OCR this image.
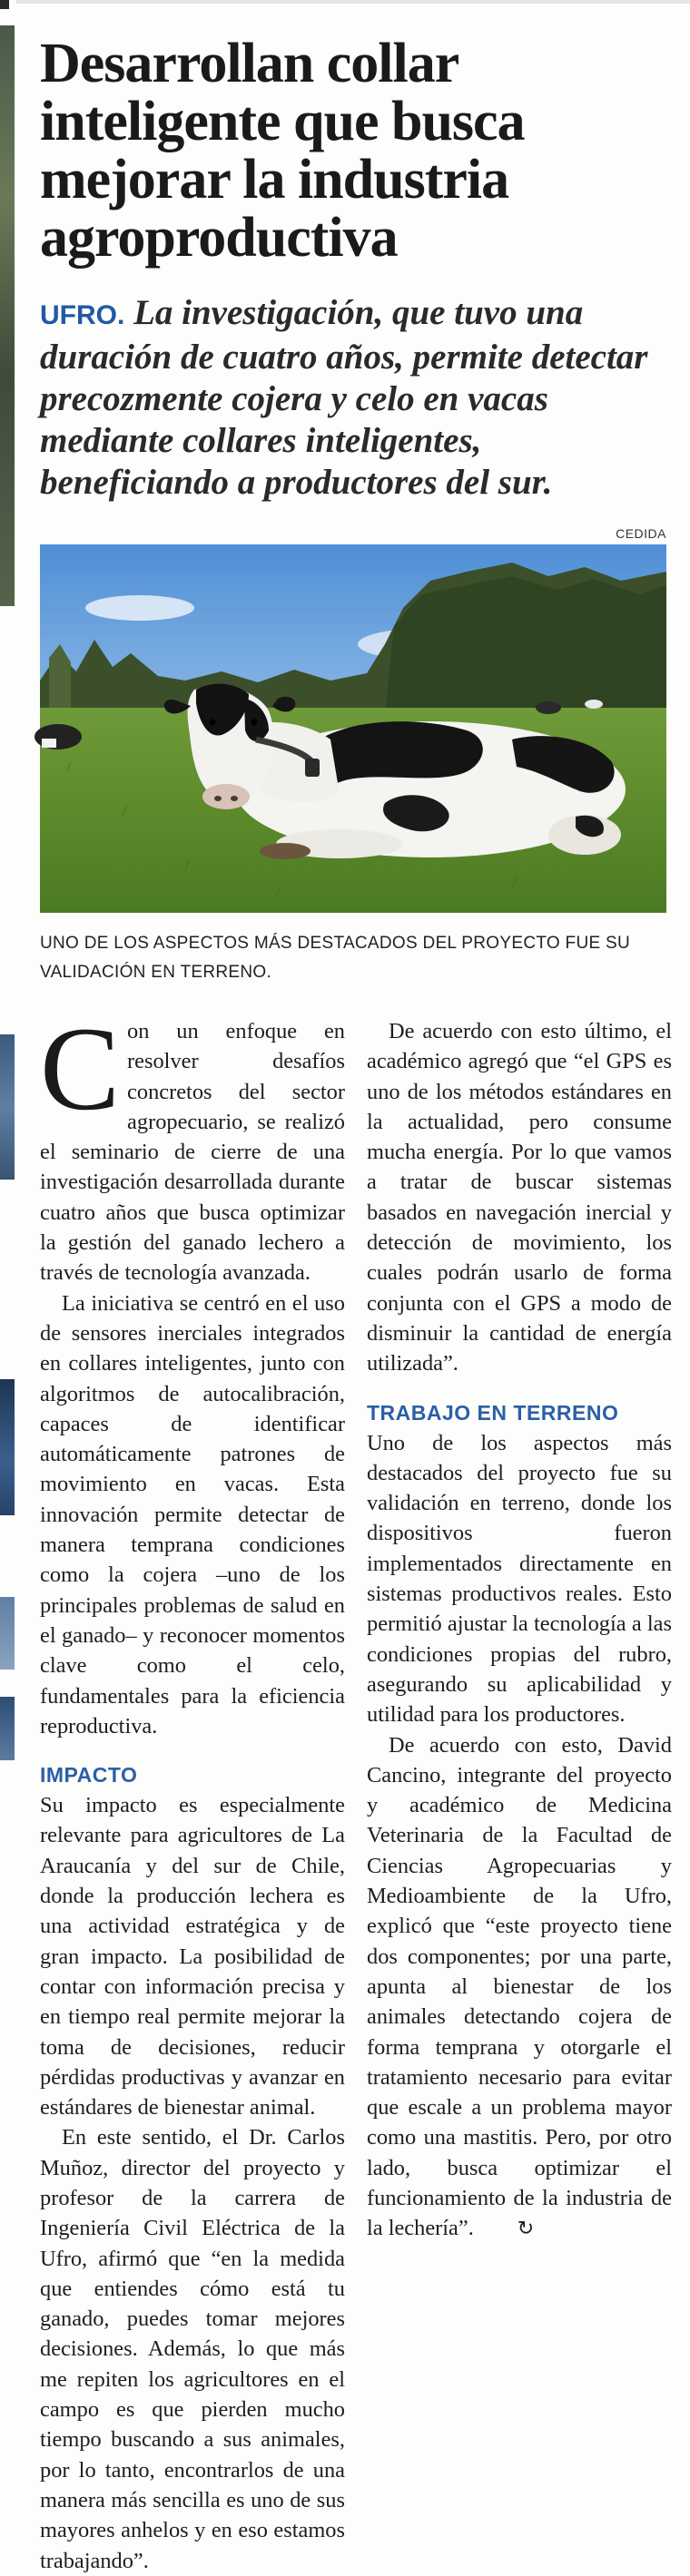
Desarrollan collar inteligente que busca mejorar la industria agroproductiva
UFRO. La investigación, que tuvo una duración de cuatro años, permite detectar precozmente cojera y celo en vacas mediante collares inteligentes, beneficiando a productores del sur.
CEDIDA
UNO DE LOS ASPECTOS MÁS DESTACADOS DEL PROYECTO FUE SU VALIDACIÓN EN TERRENO.

Con un enfoque en resolver desafíos concretos del sector agropecuario, se realizó el seminario de cierre de una investigación desarrollada durante cuatro años que busca optimizar la gestión del ganado lechero a través de tecnología avanzada.

La iniciativa se centró en el uso de sensores inerciales integrados en collares inteligentes, junto con algoritmos de autocalibración, capaces de identificar automáticamente patrones de movimiento en vacas. Esta innovación permite detectar de manera temprana condiciones como la cojera –uno de los principales problemas de salud en el ganado– y reconocer momentos clave como el celo, fundamentales para la eficiencia reproductiva.

IMPACTO

Su impacto es especialmente relevante para agricultores de La Araucanía y del sur de Chile, donde la producción lechera es una actividad estratégica y de gran impacto. La posibilidad de contar con información precisa y en tiempo real permite mejorar la toma de decisiones, reducir pérdidas productivas y avanzar en estándares de bienestar animal.

En este sentido, el Dr. Carlos Muñoz, director del proyecto y profesor de la carrera de Ingeniería Civil Eléctrica de la Ufro, afirmó que “en la medida que entiendes cómo está tu ganado, puedes tomar mejores decisiones. Además, lo que más me repiten los agricultores en el campo es que pierden mucho tiempo buscando a sus animales, por lo tanto, encontrarlos de una manera más sencilla es uno de sus mayores anhelos y en eso estamos trabajando”.

De acuerdo con esto último, el académico agregó que “el GPS es uno de los métodos estándares en la actualidad, pero consume mucha energía. Por lo que vamos a tratar de buscar sistemas basados en navegación inercial y detección de movimiento, los cuales podrán usarlo de forma conjunta con el GPS a modo de disminuir la cantidad de energía utilizada”.

TRABAJO EN TERRENO

Uno de los aspectos más destacados del proyecto fue su validación en terreno, donde los dispositivos fueron implementados directamente en sistemas productivos reales. Esto permitió ajustar la tecnología a las condiciones propias del rubro, asegurando su aplicabilidad y utilidad para los productores.

De acuerdo con esto, David Cancino, integrante del proyecto y académico de Medicina Veterinaria de la Facultad de Ciencias Agropecuarias y Medioambiente de la Ufro, explicó que “este proyecto tiene dos componentes; por una parte, apunta al bienestar de los animales detectando cojera de forma temprana y otorgarle el tratamiento necesario para evitar que escale a un problema mayor como una mastitis. Pero, por otro lado, busca optimizar el funcionamiento de la industria de la lechería”. ↻
